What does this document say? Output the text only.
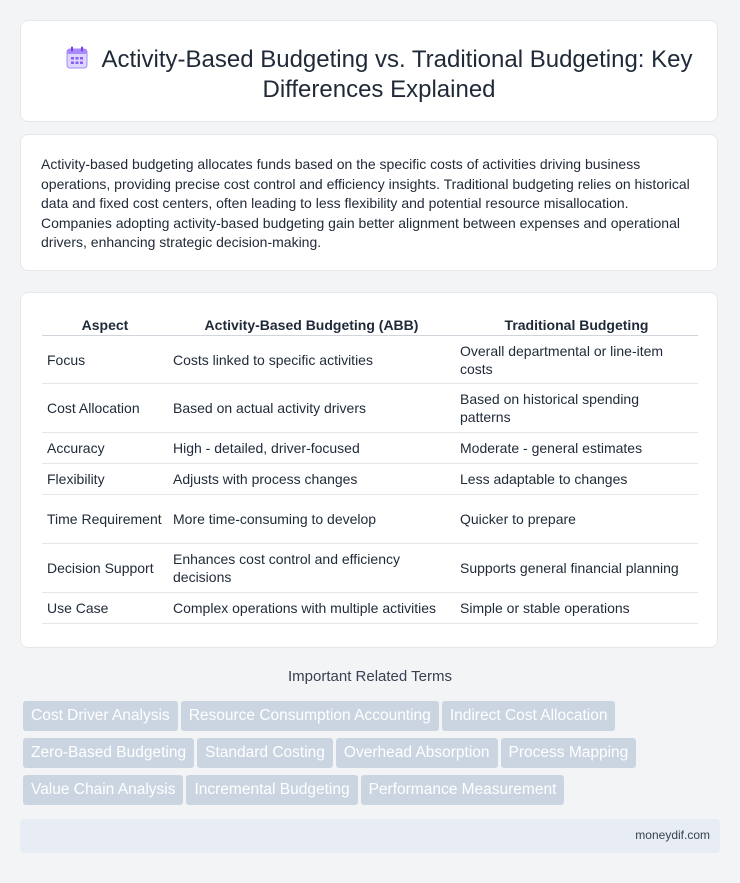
Activity-Based Budgeting vs. Traditional Budgeting: Key Differences Explained

Activity-based budgeting allocates funds based on the specific costs of activities driving business operations, providing precise cost control and efficiency insights. Traditional budgeting relies on historical data and fixed cost centers, often leading to less flexibility and potential resource misallocation. Companies adopting activity-based budgeting gain better alignment between expenses and operational drivers, enhancing strategic decision-making.

Aspect	Activity-Based Budgeting (ABB)	Traditional Budgeting
Focus	Costs linked to specific activities	Overall departmental or line-item costs
Cost Allocation	Based on actual activity drivers	Based on historical spending patterns
Accuracy	High - detailed, driver-focused	Moderate - general estimates
Flexibility	Adjusts with process changes	Less adaptable to changes
Time Requirement	More time-consuming to develop	Quicker to prepare
Decision Support	Enhances cost control and efficiency decisions	Supports general financial planning
Use Case	Complex operations with multiple activities	Simple or stable operations
Important Related Terms
Cost Driver Analysis Resource Consumption Accounting Indirect Cost Allocation
Zero-Based Budgeting Standard Costing Overhead Absorption Process Mapping
Value Chain Analysis Incremental Budgeting Performance Measurement
moneydif.com
